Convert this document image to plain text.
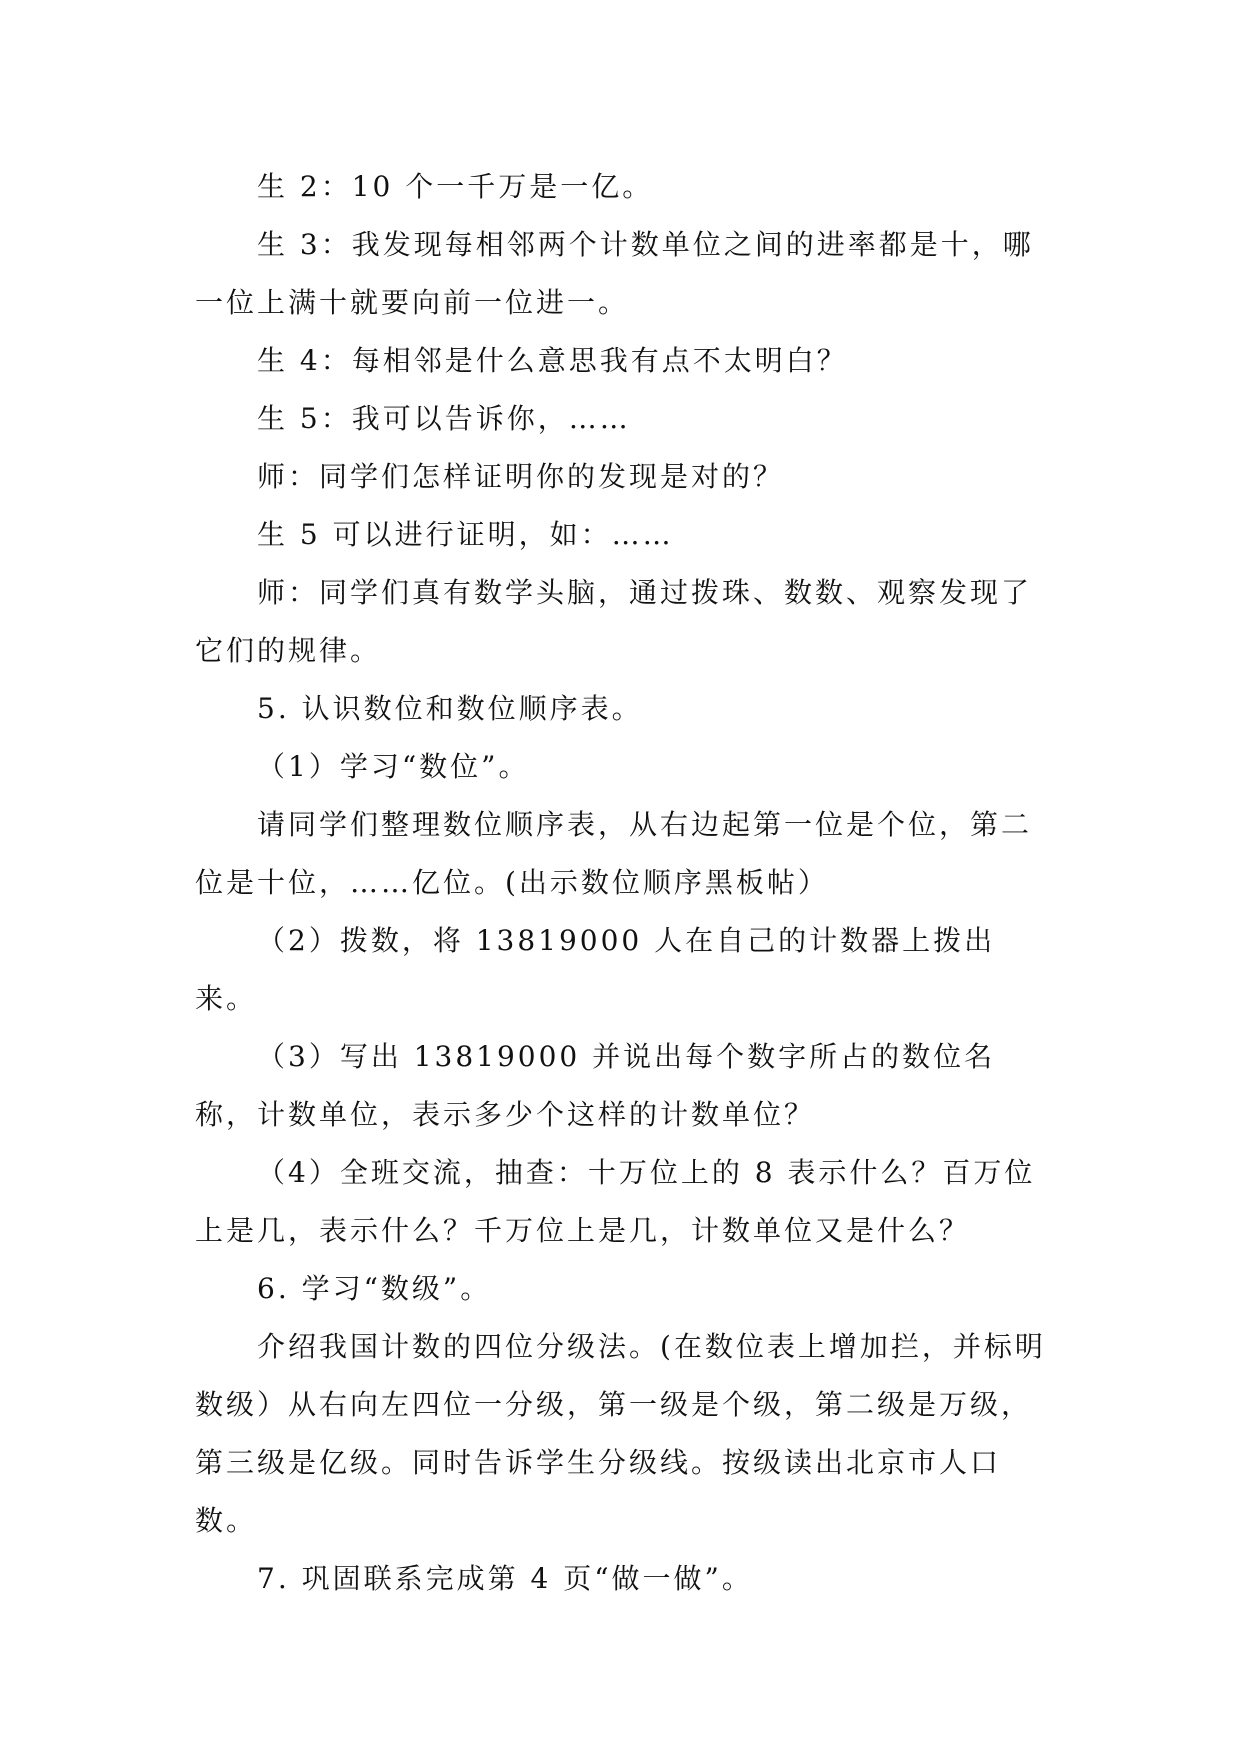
生 2：10 个一千万是一亿。

生 3：我发现每相邻两个计数单位之间的进率都是十，哪一位上满十就要向前一位进一。

生 4：每相邻是什么意思我有点不太明白？

生 5：我可以告诉你，……

师：同学们怎样证明你的发现是对的？

生 5 可以进行证明，如：……

师：同学们真有数学头脑，通过拨珠、数数、观察发现了它们的规律。

5. 认识数位和数位顺序表。

（1）学习“数位”。

请同学们整理数位顺序表，从右边起第一位是个位，第二位是十位，……亿位。(出示数位顺序黑板帖）

（2）拨数，将 13819000 人在自己的计数器上拨出来。

（3）写出 13819000 并说出每个数字所占的数位名称，计数单位，表示多少个这样的计数单位？

（4）全班交流，抽查：十万位上的 8 表示什么？百万位上是几，表示什么？千万位上是几，计数单位又是什么？

6. 学习“数级”。

介绍我国计数的四位分级法。(在数位表上增加拦，并标明数级）从右向左四位一分级，第一级是个级，第二级是万级，第三级是亿级。同时告诉学生分级线。按级读出北京市人口数。

7. 巩固联系完成第 4 页“做一做”。
